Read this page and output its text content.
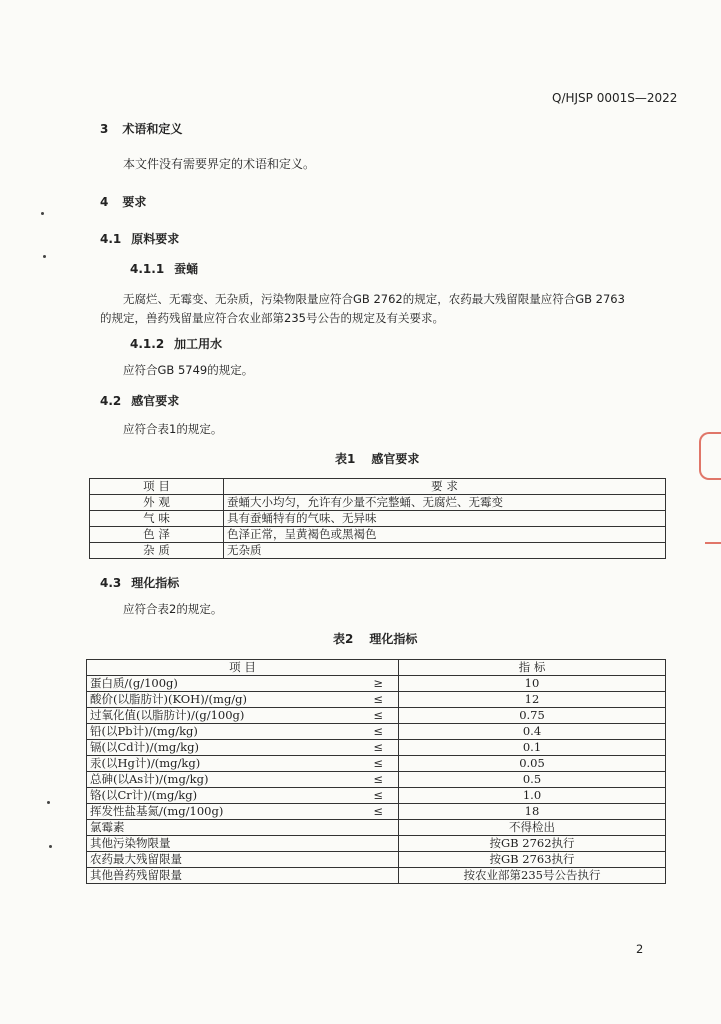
Q/HJSP 0001S—2022
3 术语和定义
本文件没有需要界定的术语和定义。
4 要求
4.1 原料要求
4.1.1 蚕蛹
无腐烂、无霉变、无杂质，污染物限量应符合GB 2762的规定，农药最大残留限量应符合GB 2763
的规定，兽药残留量应符合农业部第235号公告的规定及有关要求。
4.1.2 加工用水
应符合GB 5749的规定。
4.2 感官要求
应符合表1的规定。
表1 感官要求
项 目	要 求
外 观	蚕蛹大小均匀，允许有少量不完整蛹、无腐烂、无霉变
气 味	具有蚕蛹特有的气味、无异味
色 泽	色泽正常，呈黄褐色或黑褐色
杂 质	无杂质
4.3 理化指标
应符合表2的规定。
表2 理化指标
项 目	指 标
蛋白质/(g/100g) ≥	10
酸价(以脂肪计)(KOH)/(mg/g) ≤	12
过氧化值(以脂肪计)/(g/100g) ≤	0.75
铅(以Pb计)/(mg/kg) ≤	0.4
镉(以Cd计)/(mg/kg) ≤	0.1
汞(以Hg计)/(mg/kg) ≤	0.05
总砷(以As计)/(mg/kg) ≤	0.5
铬(以Cr计)/(mg/kg) ≤	1.0
挥发性盐基氮/(mg/100g) ≤	18
氯霉素	不得检出
其他污染物限量	按GB 2762执行
农药最大残留限量	按GB 2763执行
其他兽药残留限量	按农业部第235号公告执行
2
